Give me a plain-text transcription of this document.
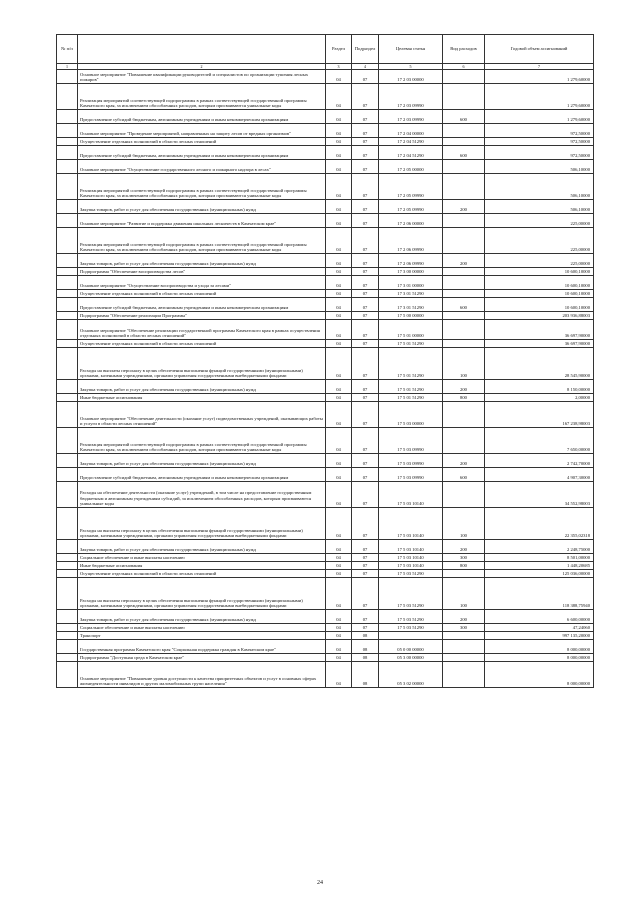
№ п/п		Раздел	Подраздел	Целевая статья	Вид расходов	Годовой объем ассигнований
1	2	3	4	5	6	7
	Основное мероприятие "Повышение квалификации руководителей и специалистов по организации тушения лесных пожаров"	04	07	17 2 03 00000		1 279,60000
	Реализация мероприятий соответствующей подпрограммы в рамках соответствующей государственной программы Камчатского края, за исключением обособленных расходов, которым присваиваются уникальные коды	04	07	17 2 03 09990		1 279,60000
	Предоставление субсидий бюджетным, автономным учреждениям и иным некоммерческим организациям	04	07	17 2 03 09990	600	1 279,60000
	Основное мероприятие "Проведение мероприятий, направленных на защиту лесов от вредных организмов"	04	07	17 2 04 00000		972,50000
	Осуществление отдельных полномочий в области лесных отношений	04	07	17 2 04 51290		972,50000
	Предоставление субсидий бюджетным, автономным учреждениям и иным некоммерческим организациям	04	07	17 2 04 51290	600	972,50000
	Основное мероприятие "Осуществление государственного лесного и пожарного надзора в лесах"	04	07	17 2 05 00000		506,10000
	Реализация мероприятий соответствующей подпрограммы в рамках соответствующей государственной программы Камчатского края, за исключением обособленных расходов, которым присваиваются уникальные коды	04	07	17 2 05 09990		506,10000
	Закупка товаров, работ и услуг для обеспечения государственных (муниципальных) нужд	04	07	17 2 05 09990	200	506,10000
	Основное мероприятие "Развитие и поддержка движения школьных лесничеств в Камчатском крае"	04	07	17 2 06 00000		225,00000
	Реализация мероприятий соответствующей подпрограммы в рамках соответствующей государственной программы Камчатского края, за исключением обособленных расходов, которым присваиваются уникальные коды	04	07	17 2 06 09990		225,00000
	Закупка товаров, работ и услуг для обеспечения государственных (муниципальных) нужд	04	07	17 2 06 09990	200	225,00000
	Подпрограмма "Обеспечение воспроизводства лесов"	04	07	17 3 00 00000		10 600,10000
	Основное мероприятие "Осуществление воспроизводства и ухода за лесами"	04	07	17 3 01 00000		10 600,10000
	Осуществление отдельных полномочий в области лесных отношений	04	07	17 3 01 51290		10 600,10000
	Предоставление субсидий бюджетным, автономным учреждениям и иным некоммерческим организациям	04	07	17 3 01 51290	600	10 600,10000
	Подпрограмма "Обеспечение реализации Программы"	04	07	17 5 00 00000		203 936,88003
	Основное мероприятие "Обеспечение реализации государственной программы Камчатского края в рамках осуществления отдельных полномочий в области лесных отношений"	04	07	17 5 01 00000		36 697,90000
	Осуществление отдельных полномочий в области лесных отношений	04	07	17 5 01 51290		36 697,90000
	Расходы на выплаты персоналу в целях обеспечения выполнения функций государственными (муниципальными) органами, казенными учреждениями, органами управления государственными внебюджетными фондами	04	07	17 5 01 51290	100	28 545,90000
	Закупка товаров, работ и услуг для обеспечения государственных (муниципальных) нужд	04	07	17 5 01 51290	200	8 150,00000
	Иные бюджетные ассигнования	04	07	17 5 01 51290	800	2,00000
	Основное мероприятие "Обеспечение деятельности (оказание услуг) подведомственных учреждений, оказывающих работы и услуги в области лесных отношений"	04	07	17 5 03 00000		167 238,98003
	Реализация мероприятий соответствующей подпрограммы в рамках соответствующей государственной программы Камчатского края, за исключением обособленных расходов, которым присваиваются уникальные коды	04	07	17 5 03 09990		7 650,00000
	Закупка товаров, работ и услуг для обеспечения государственных (муниципальных) нужд	04	07	17 5 03 09990	200	2 742,70000
	Предоставление субсидий бюджетным, автономным учреждениям и иным некоммерческим организациям	04	07	17 5 03 09990	600	4 907,30000
	Расходы на обеспечение деятельности (оказание услуг) учреждений, в том числе на предоставление государственным бюджетным и автономным учреждениям субсидий, за исключением обособленных расходов, которым присваиваются уникальные коды	04	07	17 5 03 10140		34 552,98003
	Расходы на выплаты персоналу в целях обеспечения выполнения функций государственными (муниципальными) органами, казенными учреждениями, органами управления государственными внебюджетными фондами	04	07	17 5 03 10140	100	22 355,02318
	Закупка товаров, работ и услуг для обеспечения государственных (муниципальных) нужд	04	07	17 5 03 10140	200	2 248,75000
	Социальное обеспечение и иные выплаты населению	04	07	17 5 03 10140	300	8 501,00000
	Иные бюджетные ассигнования	04	07	17 5 03 10140	800	1 448,20685
	Осуществление отдельных полномочий в области лесных отношений	04	07	17 5 03 51290		125 036,00000
	Расходы на выплаты персоналу в целях обеспечения выполнения функций государственными (муниципальными) органами, казенными учреждениями, органами управления государственными внебюджетными фондами	04	07	17 5 03 51290	100	118 388,75940
	Закупка товаров, работ и услуг для обеспечения государственных (муниципальных) нужд	04	07	17 5 03 51290	200	6 600,00000
	Социальное обеспечение и иные выплаты населению	04	07	17 5 03 51290	300	47,24060
	Транспорт	04	08			997 135,20000
	Государственная программа Камчатского края "Социальная поддержка граждан в Камчатском крае"	04	08	05 0 00 00000		8 000,00000
	Подпрограмма "Доступная среда в Камчатском крае"	04	08	05 3 00 00000		8 000,00000
	Основное мероприятие "Повышение уровня доступности к качества приоритетных объектов и услуг в основных сферах жизнедеятельности инвалидов и других маломобильных групп населения"	04	08	05 3 02 00000		8 000,00000
24
